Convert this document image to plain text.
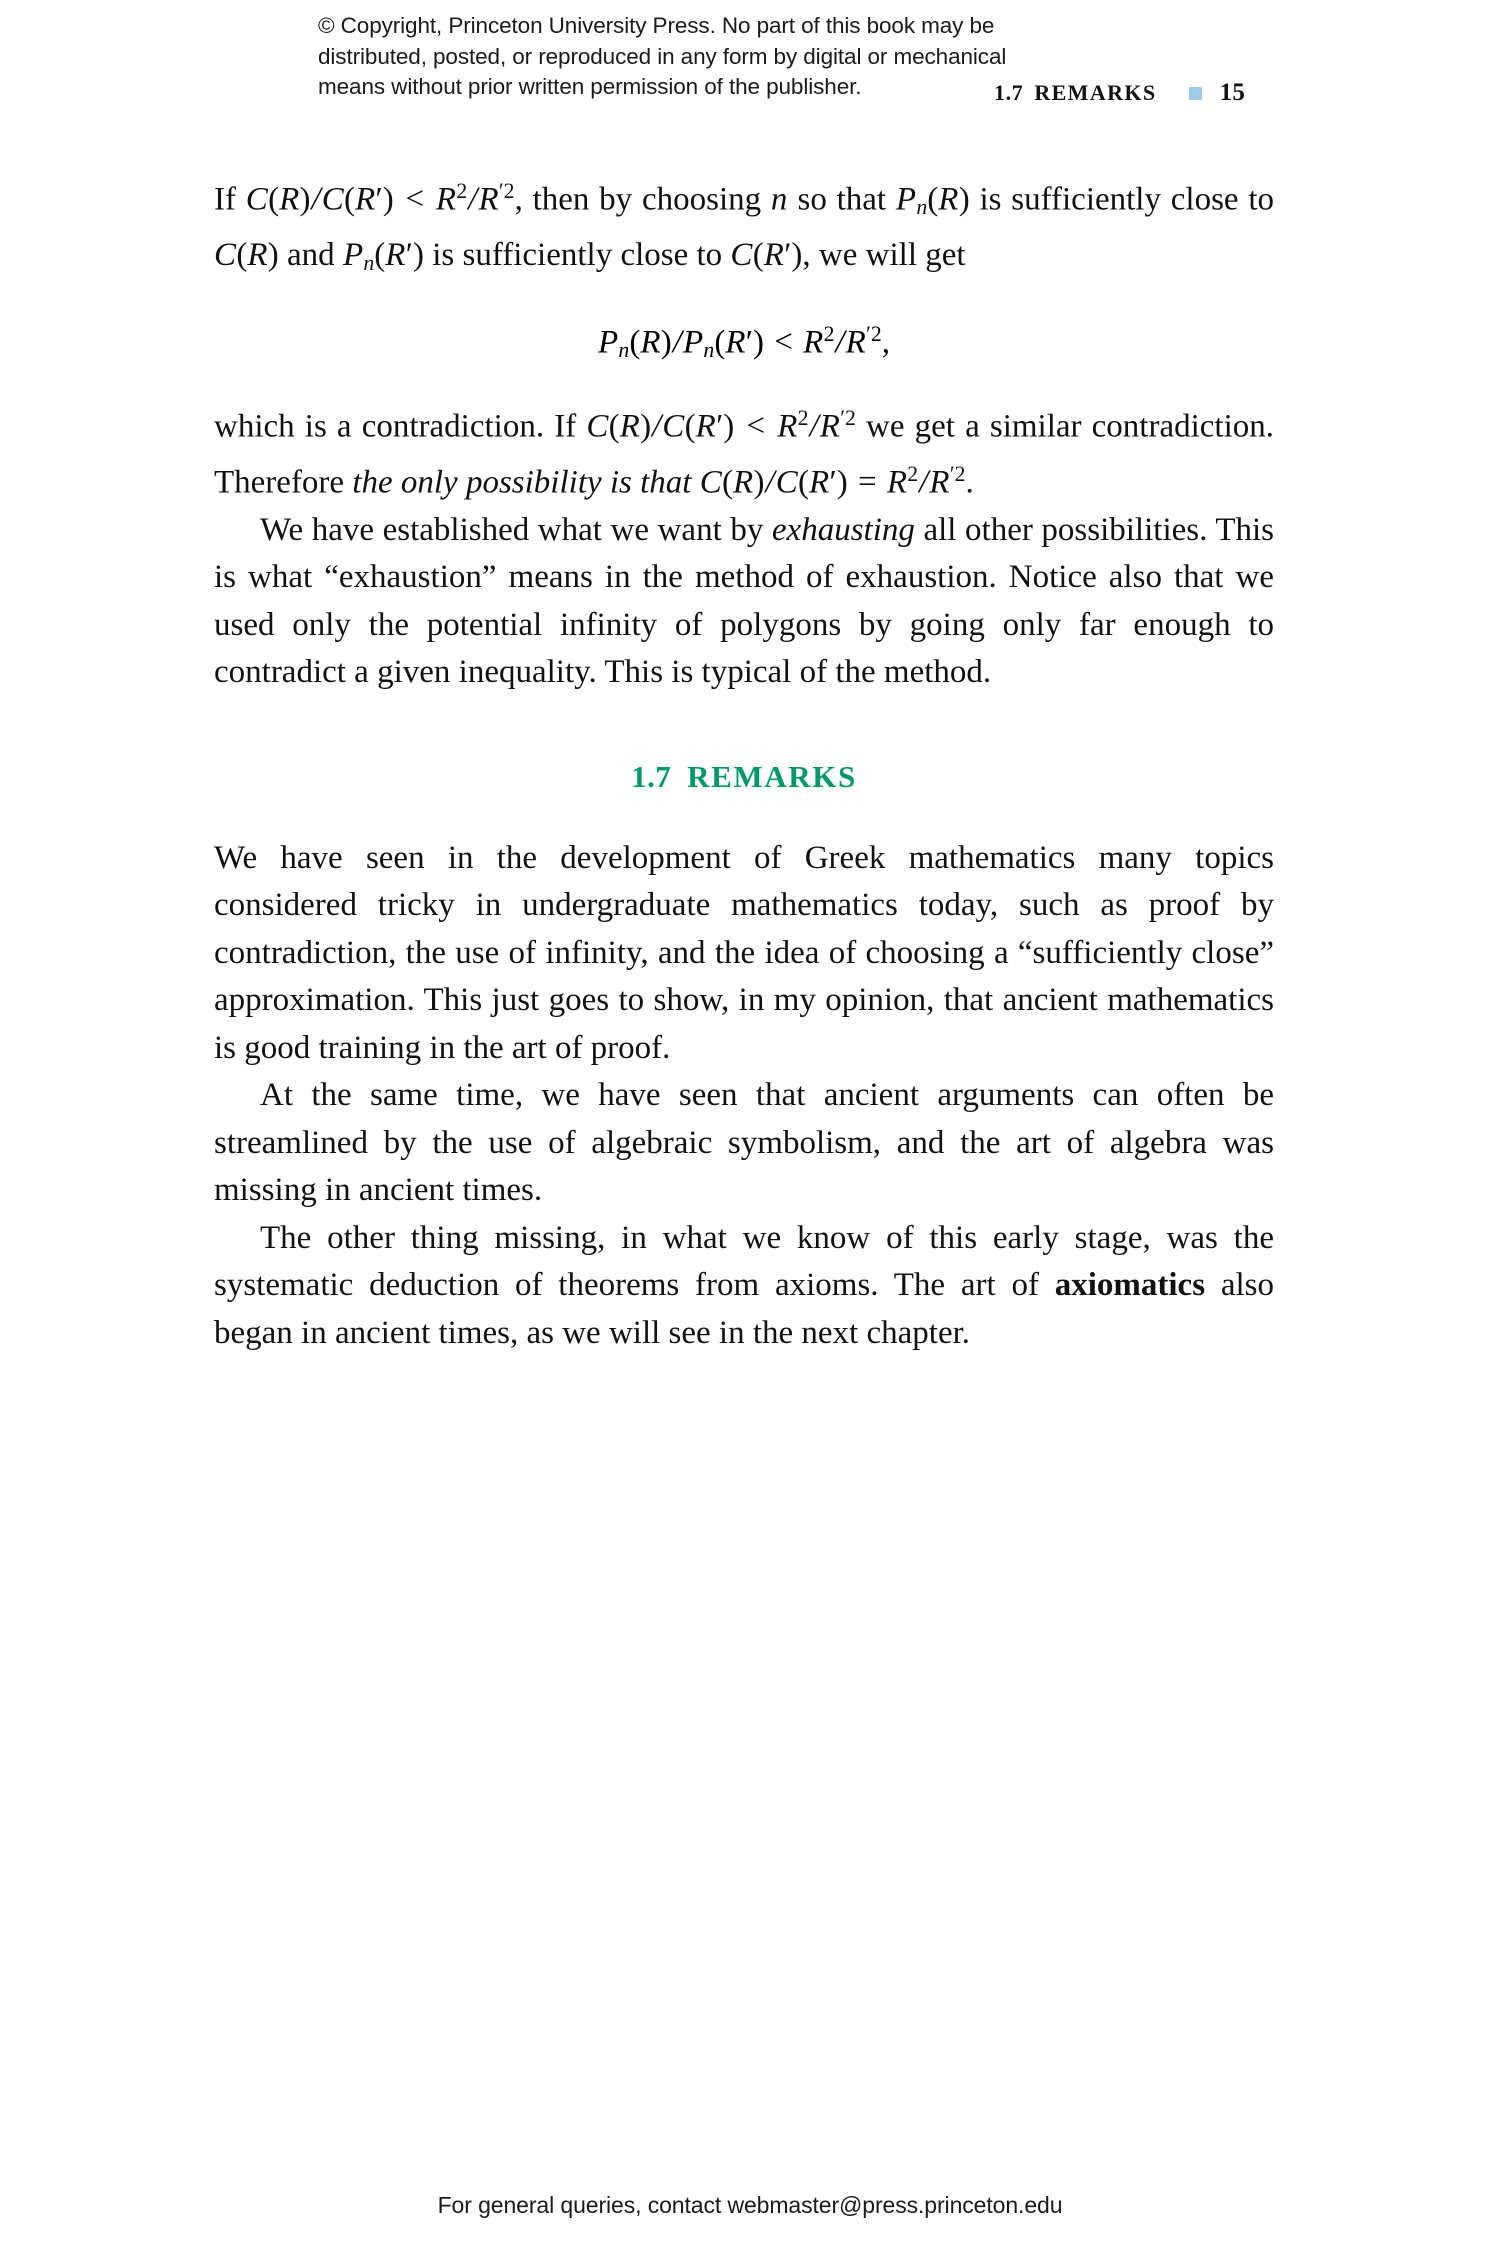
© Copyright, Princeton University Press. No part of this book may be
distributed, posted, or reproduced in any form by digital or mechanical
means without prior written permission of the publisher.	1.7 REMARKS	15

If $C(R)/C(R') < R^2/R^{'2}$, then by choosing n so that Pn(R) is sufficiently close to C(R) and Pn(R′) is sufficiently close to C(R′), we will get

$Pn(R)/Pn(R') < R^2/R^{'2}$,

which is a contradiction. If $C(R)/C(R') < R^2/R^{'2}$ we get a similar contradiction. Therefore the only possibility is that $C(R)/C(R') = R^2/R^{'2}$.

We have established what we want by exhausting all other possibilities. This is what “exhaustion” means in the method of exhaustion. Notice also that we used only the potential infinity of polygons by going only far enough to contradict a given inequality. This is typical of the method.

1.7 REMARKS

We have seen in the development of Greek mathematics many topics considered tricky in undergraduate mathematics today, such as proof by contradiction, the use of infinity, and the idea of choosing a “sufficiently close” approximation. This just goes to show, in my opinion, that ancient mathematics is good training in the art of proof.

At the same time, we have seen that ancient arguments can often be streamlined by the use of algebraic symbolism, and the art of algebra was missing in ancient times.

The other thing missing, in what we know of this early stage, was the systematic deduction of theorems from axioms. The art of axiomatics also began in ancient times, as we will see in the next chapter.

For general queries, contact webmaster@press.princeton.edu
